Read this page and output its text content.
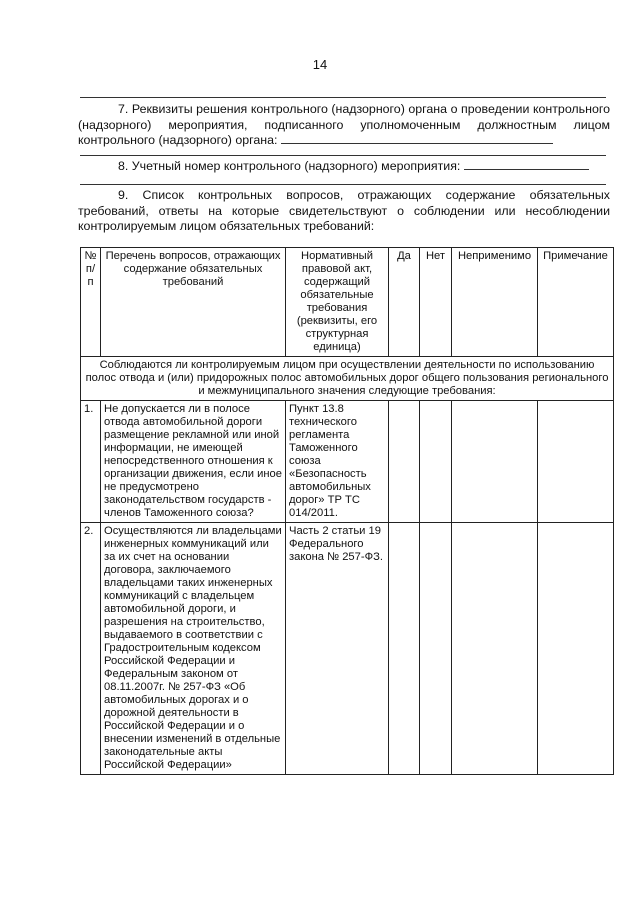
14
7. Реквизиты решения контрольного (надзорного) органа о проведении контрольного (надзорного) мероприятия, подписанного уполномоченным должностным лицом контрольного (надзорного) органа:
8. Учетный номер контрольного (надзорного) мероприятия:
9. Список контрольных вопросов, отражающих содержание обязательных требований, ответы на которые свидетельствуют о соблюдении или несоблюдении контролируемым лицом обязательных требований:
№ п/п	Перечень вопросов, отражающих содержание обязательных требований	Нормативный правовой акт, содержащий обязательные требования (реквизиты, его структурная единица)	Да	Нет	Неприменимо	Примечание
Соблюдаются ли контролируемым лицом при осуществлении деятельности по использованию полос отвода и (или) придорожных полос автомобильных дорог общего пользования регионального и межмуниципального значения следующие требования:						
1.	Не допускается ли в полосе отвода автомобильной дороги размещение рекламной или иной информации, не имеющей непосредственного отношения к организации движения, если иное не предусмотрено законодательством государств - членов Таможенного союза?	Пункт 13.8 технического регламента Таможенного союза «Безопасность автомобильных дорог» ТР ТС 014/2011.				
2.	Осуществляются ли владельцами инженерных коммуникаций или за их счет на основании договора, заключаемого владельцами таких инженерных коммуникаций с владельцем автомобильной дороги, и разрешения на строительство, выдаваемого в соответствии с Градостроительным кодексом Российской Федерации и Федеральным законом от 08.11.2007г. № 257-ФЗ «Об автомобильных дорогах и о дорожной деятельности в Российской Федерации и о внесении изменений в отдельные законодательные акты Российской Федерации»	Часть 2 статьи 19 Федерального закона № 257-ФЗ.				
